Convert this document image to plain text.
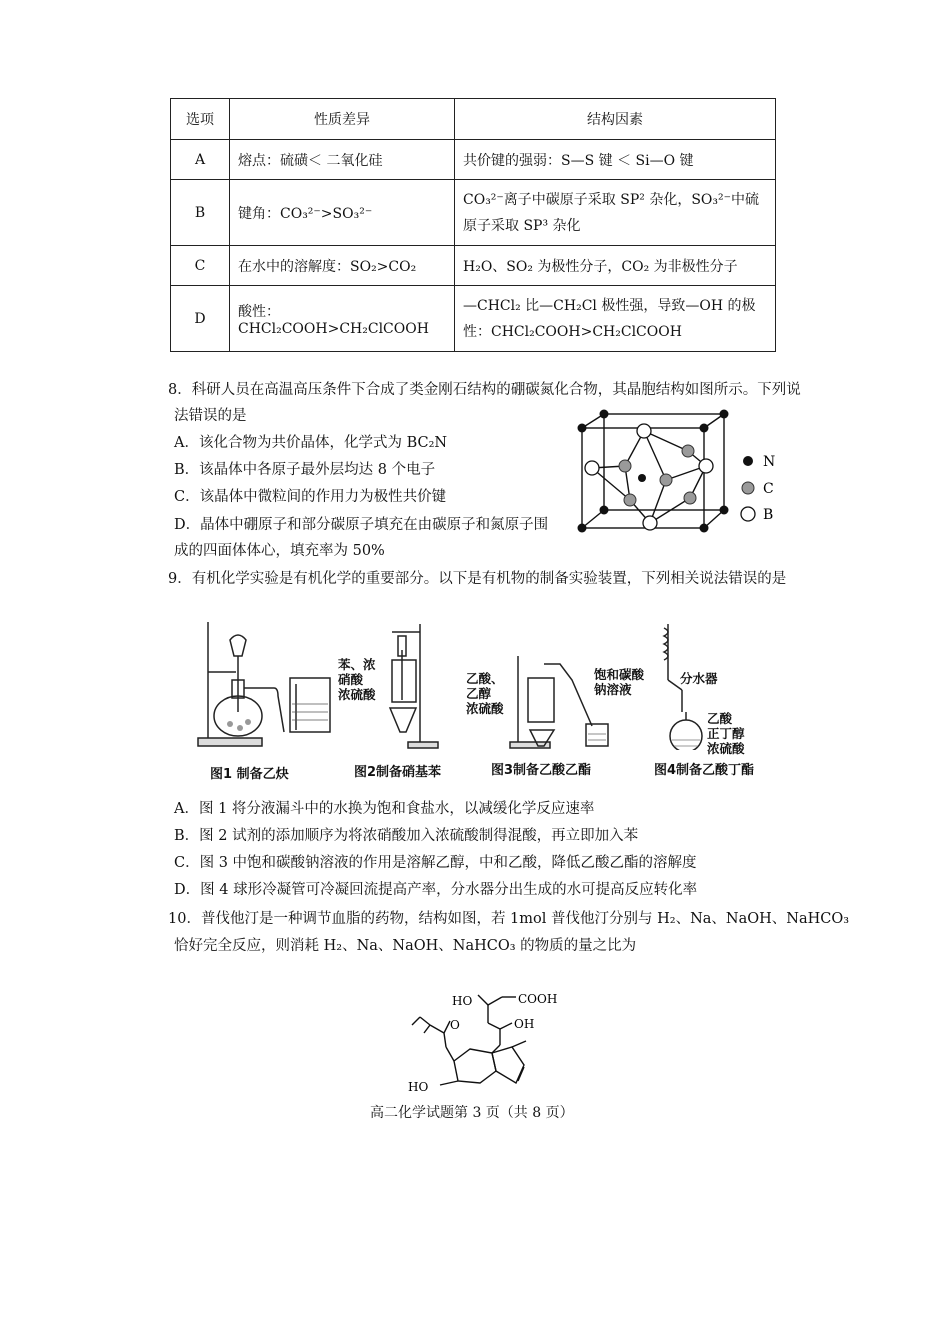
选项	性质差异	结构因素
A	熔点：硫磺＜ 二氧化硅	共价键的强弱：S—S 键 ＜ Si—O 键
B	键角：CO₃²⁻>SO₃²⁻	CO₃²⁻离子中碳原子采取 SP² 杂化，SO₃²⁻中硫原子采取 SP³ 杂化
C	在水中的溶解度：SO₂>CO₂	H₂O、SO₂ 为极性分子，CO₂ 为非极性分子
D	酸性：CHCl₂COOH>CH₂ClCOOH	—CHCl₂ 比—CH₂Cl 极性强，导致—OH 的极性：CHCl₂COOH>CH₂ClCOOH
8．科研人员在高温高压条件下合成了类金刚石结构的硼碳氮化合物，其晶胞结构如图所示。下列说
法错误的是
A．该化合物为共价晶体，化学式为 BC₂N
B．该晶体中各原子最外层均达 8 个电子
C．该晶体中微粒间的作用力为极性共价键
D．晶体中硼原子和部分碳原子填充在由碳原子和氮原子围
成的四面体体心，填充率为 50%
N
C
B
9．有机化学实验是有机化学的重要部分。以下是有机物的制备实验装置，下列相关说法错误的是
图1 制备乙炔
苯、浓
硝酸
浓硫酸
图2制备硝基苯
乙酸、
乙醇
浓硫酸
饱和碳酸
钠溶液
图3制备乙酸乙酯
分水器
乙酸
正丁醇
浓硫酸
图4制备乙酸丁酯
A．图 1 将分液漏斗中的水换为饱和食盐水，以减缓化学反应速率
B．图 2 试剂的添加顺序为将浓硝酸加入浓硫酸制得混酸，再立即加入苯
C．图 3 中饱和碳酸钠溶液的作用是溶解乙醇，中和乙酸，降低乙酸乙酯的溶解度
D．图 4 球形冷凝管可冷凝回流提高产率，分水器分出生成的水可提高反应转化率
10．普伐他汀是一种调节血脂的药物，结构如图，若 1mol 普伐他汀分别与 H₂、Na、NaOH、NaHCO₃
恰好完全反应，则消耗 H₂、Na、NaOH、NaHCO₃ 的物质的量之比为
HO	COOH
OH
O
HO
高二化学试题第 3 页（共 8 页）
